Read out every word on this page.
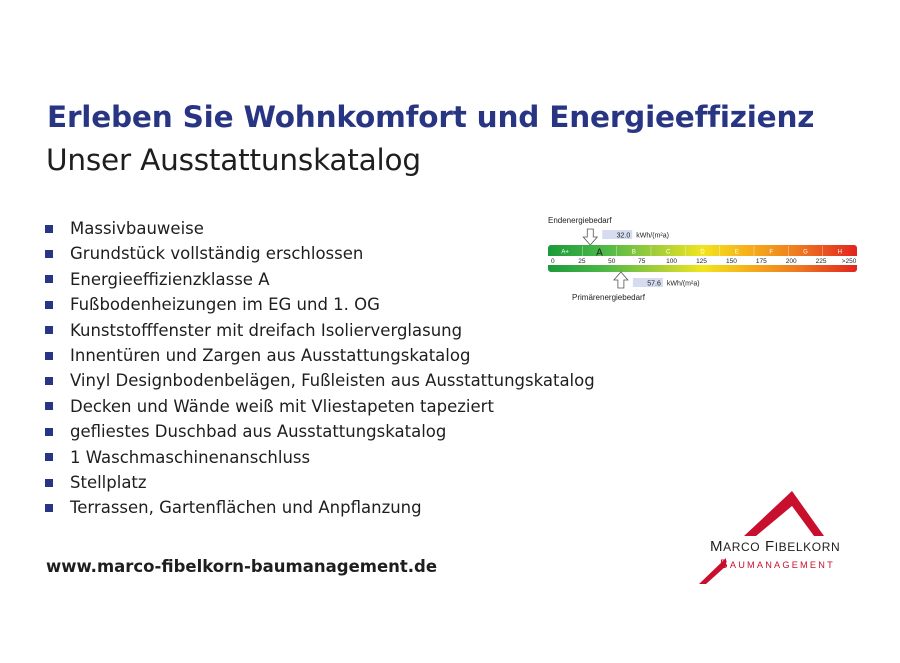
Erleben Sie Wohnkomfort und Energieeffizienz
Unser Ausstattunskatalog
Massivbauweise
Grundstück vollständig erschlossen
Energieeffizienzklasse A
Fußbodenheizungen im EG und 1. OG
Kunststofffenster mit dreifach Isolierverglasung
Innentüren und Zargen aus Ausstattungskatalog
Vinyl Designbodenbelägen, Fußleisten aus Ausstattungskatalog
Decken und Wände weiß mit Vliestapeten tapeziert
gefliestes Duschbad aus Ausstattungskatalog
1 Waschmaschinenanschluss
Stellplatz
Terrassen, Gartenflächen und Anpflanzung
Endenergiebedarf
32.0 kWh/(m²a)
A+	A	B	C	D	E	F	G	H
0	25	50	75	100	125	150	175	200	225 >250
57.6 kWh/(m²a)
Primärenergiebedarf

www.marco-fibelkorn-baumanagement.de

MARCO FIBELKORN
BAUMANAGEMENT
